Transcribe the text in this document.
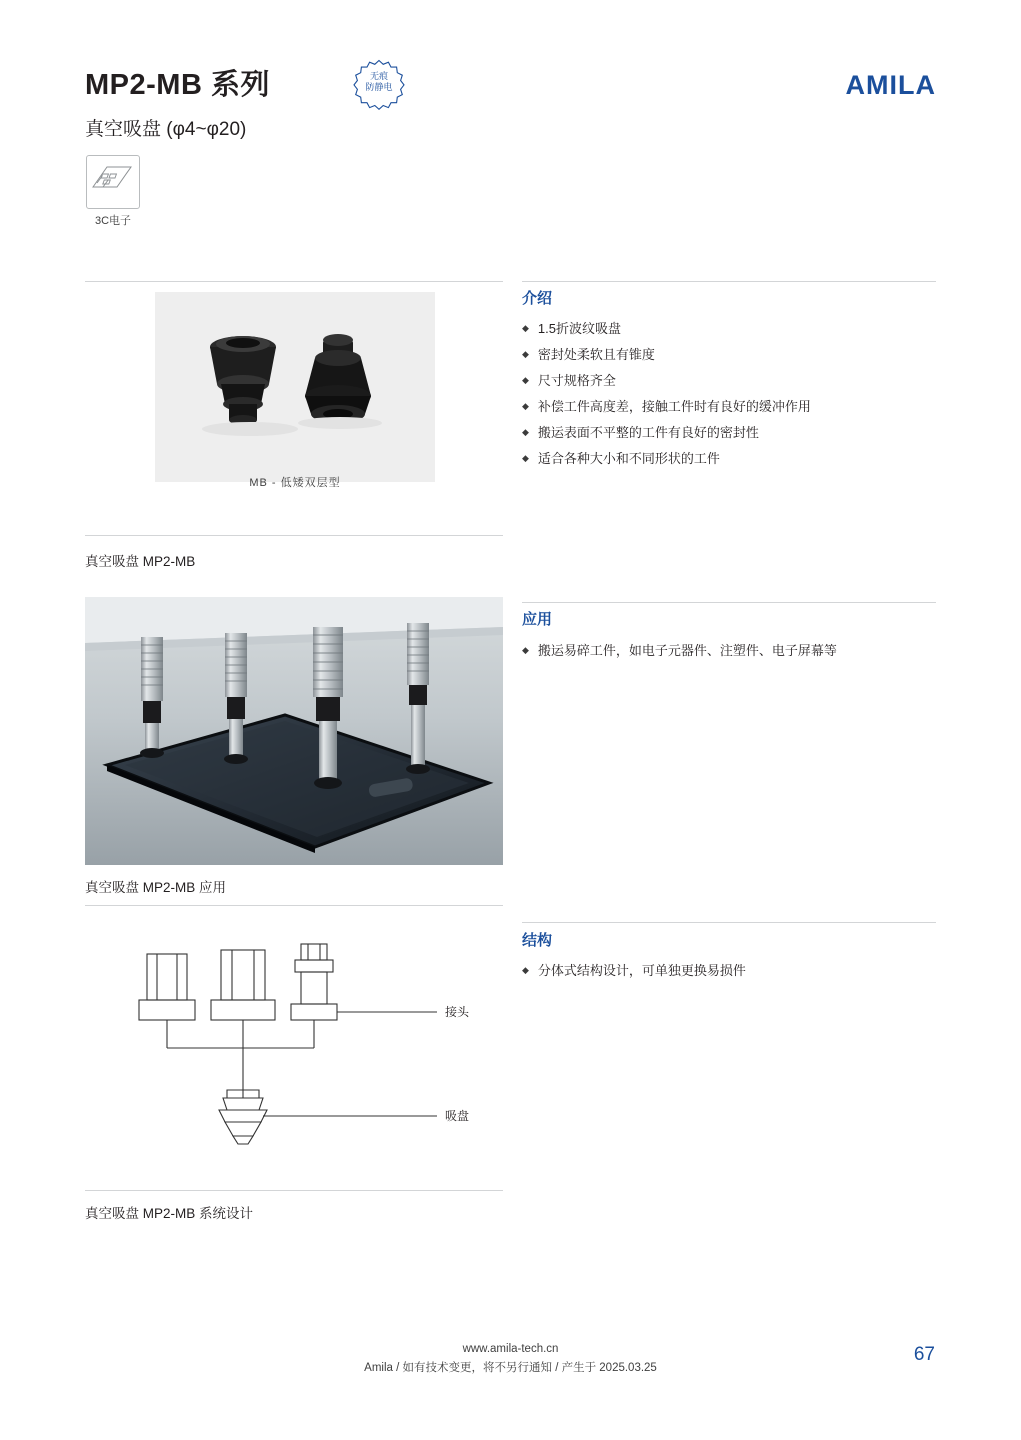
MP2-MB 系列
真空吸盘 (φ4~φ20)
AMILA
无痕
防静电
3C电子
MB - 低矮双层型
真空吸盘 MP2-MB
真空吸盘 MP2-MB 应用
接头
吸盘
真空吸盘 MP2-MB 系统设计
介绍
◆ 1.5折波纹吸盘
◆ 密封处柔软且有锥度
◆ 尺寸规格齐全
◆ 补偿工件高度差，接触工件时有良好的缓冲作用
◆ 搬运表面不平整的工件有良好的密封性
◆ 适合各种大小和不同形状的工件
应用
◆ 搬运易碎工件，如电子元器件、注塑件、电子屏幕等
结构
◆ 分体式结构设计，可单独更换易损件
www.amila-tech.cn
Amila / 如有技术变更，将不另行通知 / 产生于 2025.03.25
67
